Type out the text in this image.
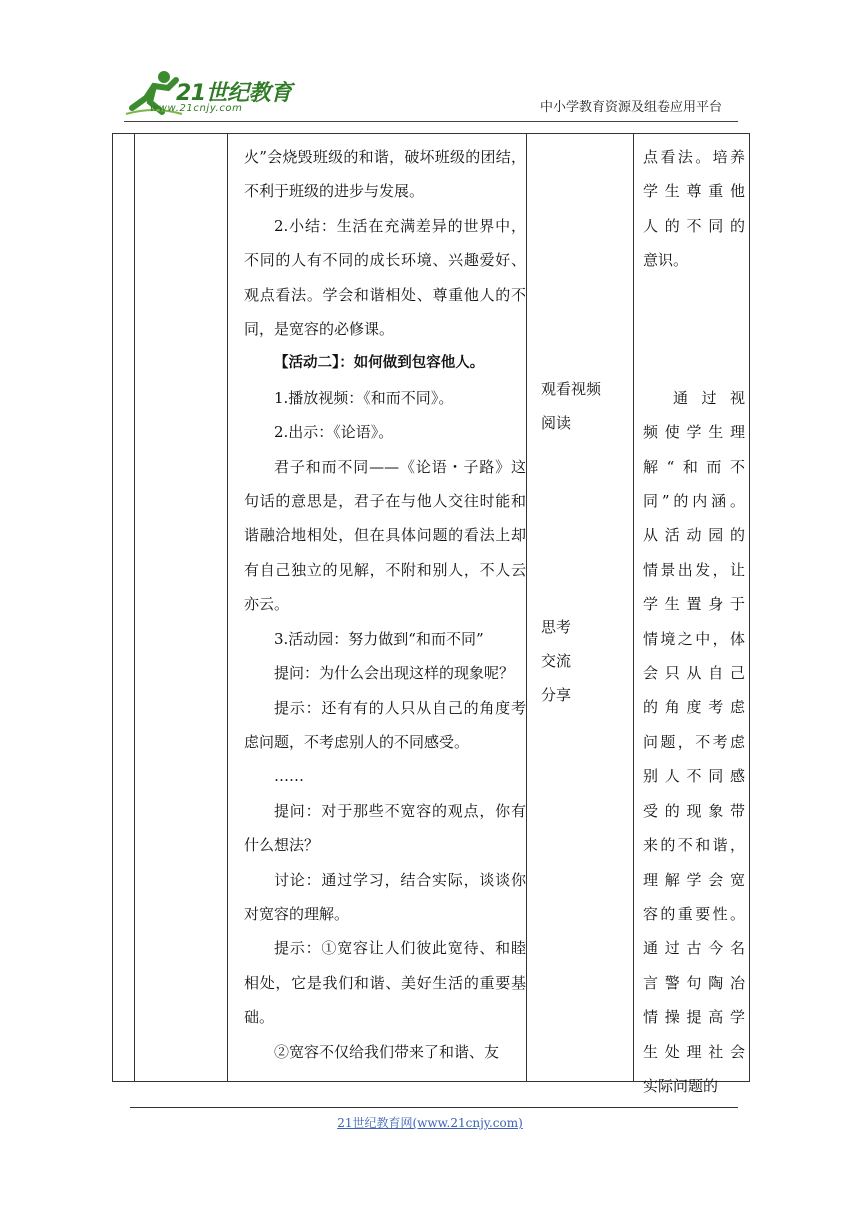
21世纪教育
www.21cnjy.com	中小学教育资源及组卷应用平台

火”会烧毁班级的和谐，破坏班级的团结，不利于班级的进步与发展。

2.小结：生活在充满差异的世界中，不同的人有不同的成长环境、兴趣爱好、观点看法。学会和谐相处、尊重他人的不同，是宽容的必修课。

【活动二】：如何做到包容他人。

1.播放视频：《和而不同》。

2.出示：《论语》。

君子和而不同——《论语・子路》这句话的意思是，君子在与他人交往时能和谐融洽地相处，但在具体问题的看法上却有自己独立的见解，不附和别人，不人云亦云。

3.活动园：努力做到“和而不同”

提问：为什么会出现这样的现象呢？

提示：还有有的人只从自己的角度考虑问题，不考虑别人的不同感受。

……

提问：对于那些不宽容的观点，你有什么想法？

讨论：通过学习，结合实际，谈谈你对宽容的理解。

提示：①宽容让人们彼此宽待、和睦相处，它是我们和谐、美好生活的重要基础。

②宽容不仅给我们带来了和谐、友

观看视频
阅读
思考
交流
分享

点看法。培养

学生尊重他

人的不同的

意识。

通过视

频使学生理

解“和而不

同”的内涵。

从活动园的

情景出发，让

学生置身于

情境之中，体

会只从自己

的角度考虑

问题，不考虑

别人不同感

受的现象带

来的不和谐，

理解学会宽

容的重要性。

通过古今名

言警句陶冶

情操提高学

生处理社会

实际问题的

21世纪教育网(www.21cnjy.com)
